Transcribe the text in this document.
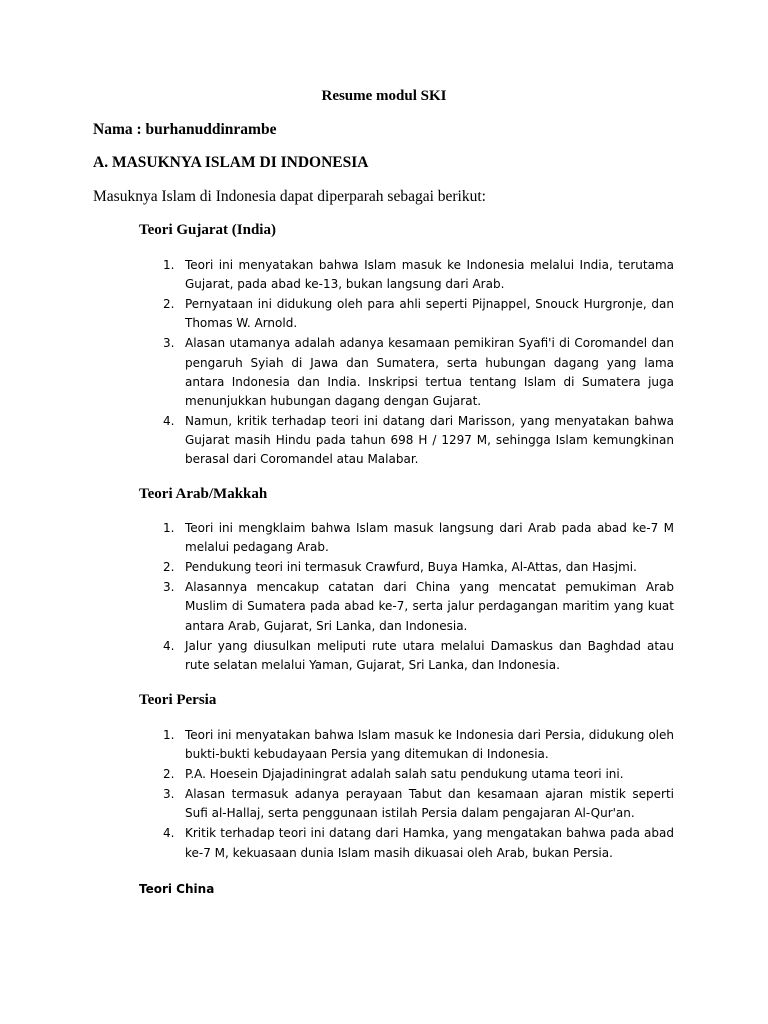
Resume modul SKI
Nama : burhanuddinrambe
A. MASUKNYA ISLAM DI INDONESIA
Masuknya Islam di Indonesia dapat diperparah sebagai berikut:
Teori Gujarat (India)
1. Teori ini menyatakan bahwa Islam masuk ke Indonesia melalui India, terutama Gujarat, pada abad ke-13, bukan langsung dari Arab.
2. Pernyataan ini didukung oleh para ahli seperti Pijnappel, Snouck Hurgronje, dan Thomas W. Arnold.
3. Alasan utamanya adalah adanya kesamaan pemikiran Syafi'i di Coromandel dan pengaruh Syiah di Jawa dan Sumatera, serta hubungan dagang yang lama antara Indonesia dan India. Inskripsi tertua tentang Islam di Sumatera juga menunjukkan hubungan dagang dengan Gujarat.
4. Namun, kritik terhadap teori ini datang dari Marisson, yang menyatakan bahwa Gujarat masih Hindu pada tahun 698 H / 1297 M, sehingga Islam kemungkinan berasal dari Coromandel atau Malabar.
Teori Arab/Makkah
1. Teori ini mengklaim bahwa Islam masuk langsung dari Arab pada abad ke-7 M melalui pedagang Arab.
2. Pendukung teori ini termasuk Crawfurd, Buya Hamka, Al-Attas, dan Hasjmi.
3. Alasannya mencakup catatan dari China yang mencatat pemukiman Arab Muslim di Sumatera pada abad ke-7, serta jalur perdagangan maritim yang kuat antara Arab, Gujarat, Sri Lanka, dan Indonesia.
4. Jalur yang diusulkan meliputi rute utara melalui Damaskus dan Baghdad atau rute selatan melalui Yaman, Gujarat, Sri Lanka, dan Indonesia.
Teori Persia
1. Teori ini menyatakan bahwa Islam masuk ke Indonesia dari Persia, didukung oleh bukti-bukti kebudayaan Persia yang ditemukan di Indonesia.
2. P.A. Hoesein Djajadiningrat adalah salah satu pendukung utama teori ini.
3. Alasan termasuk adanya perayaan Tabut dan kesamaan ajaran mistik seperti Sufi al-Hallaj, serta penggunaan istilah Persia dalam pengajaran Al-Qur'an.
4. Kritik terhadap teori ini datang dari Hamka, yang mengatakan bahwa pada abad ke-7 M, kekuasaan dunia Islam masih dikuasai oleh Arab, bukan Persia.
Teori China
